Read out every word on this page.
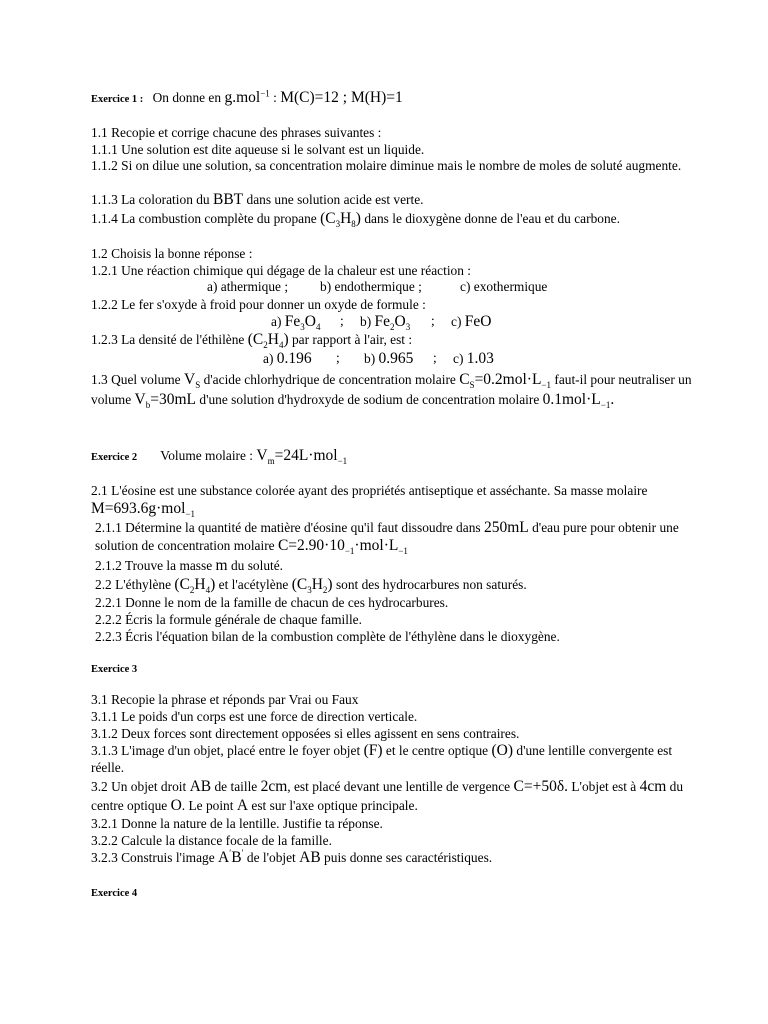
Exercice 1 : On donne en g.mol$^{-1}$ : M(C)=12 ; M(H)=1
1.1 Recopie et corrige chacune des phrases suivantes :
1.1.1 Une solution est dite aqueuse si le solvant est un liquide.
1.1.2 Si on dilue une solution, sa concentration molaire diminue mais le nombre de moles de soluté augmente.
1.1.3 La coloration du BBT dans une solution acide est verte.
1.1.4 La combustion complète du propane $(C_3H_8)$ dans le dioxygène donne de l'eau et du carbone.
1.2 Choisis la bonne réponse :
1.2.1 Une réaction chimique qui dégage de la chaleur est une réaction :
a) athermique ; b) endothermique ;	c) exothermique
1.2.2 Le fer s'oxyde à froid pour donner un oxyde de formule :
a) $Fe_3O_4$ ; b) $Fe_2O_3$ ; c) FeO
1.2.3 La densité de l'éthilène $(C_2H_4)$ par rapport à l'air, est :
a) 0.196 ; b) 0.965 ; c) 1.03
1.3 Quel volume $V_S$ d'acide chlorhydrique de concentration molaire $C_S=0.2mol\cdot L_{-1}$ faut-il pour neutraliser un volume $V_b=30mL$ d'une solution d'hydroxyde de sodium de concentration molaire $0.1mol\cdot L_{-1}$.
Exercice 2 Volume molaire : $V_m=24L\cdot mol_{-1}$
2.1 L'éosine est une substance colorée ayant des propriétés antiseptique et asséchante. Sa masse molaire M=693.6g·mol$_{-1}$
2.1.1 Détermine la quantité de matière d'éosine qu'il faut dissoudre dans 250mL d'eau pure pour obtenir une solution de concentration molaire $C=2.90\cdot 10_{-1}\cdot mol\cdot L_{-1}$
2.1.2 Trouve la masse m du soluté.
2.2 L'éthylène $(C_2H_4)$ et l'acétylène $(C_3H_2)$ sont des hydrocarbures non saturés.
2.2.1 Donne le nom de la famille de chacun de ces hydrocarbures.
2.2.2 Écris la formule générale de chaque famille.
2.2.3 Écris l'équation bilan de la combustion complète de l'éthylène dans le dioxygène.
Exercice 3
3.1 Recopie la phrase et réponds par Vrai ou Faux
3.1.1 Le poids d'un corps est une force de direction verticale.
3.1.2 Deux forces sont directement opposées si elles agissent en sens contraires.
3.1.3 L'image d'un objet, placé entre le foyer objet (F) et le centre optique (O) d'une lentille convergente est réelle.
3.2 Un objet droit AB de taille 2cm, est placé devant une lentille de vergence C=+50δ. L'objet est à 4cm du centre optique O. Le point A est sur l'axe optique principale.
3.2.1 Donne la nature de la lentille. Justifie ta réponse.
3.2.2 Calcule la distance focale de la famille.
3.2.3 Construis l'image A′B′ de l'objet AB puis donne ses caractéristiques.
Exercice 4
